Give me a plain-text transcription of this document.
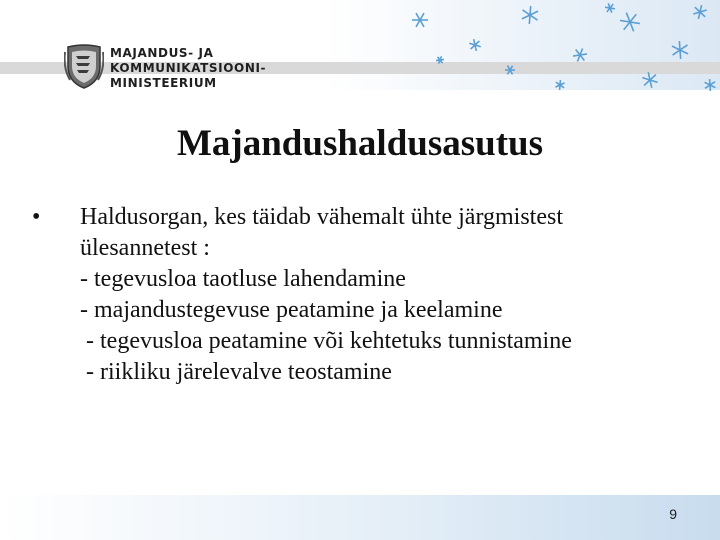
MAJANDUS- JA
KOMMUNIKATSIOONI-
MINISTEERIUM
Majandushaldusasutus
•	Haldusorgan, kes täidab vähemalt ühte järgmistest
ülesannetest :
- tegevusloa taotluse lahendamine
- majandustegevuse peatamine ja keelamine
- tegevusloa peatamine või kehtetuks tunnistamine
- riikliku järelevalve teostamine
9
